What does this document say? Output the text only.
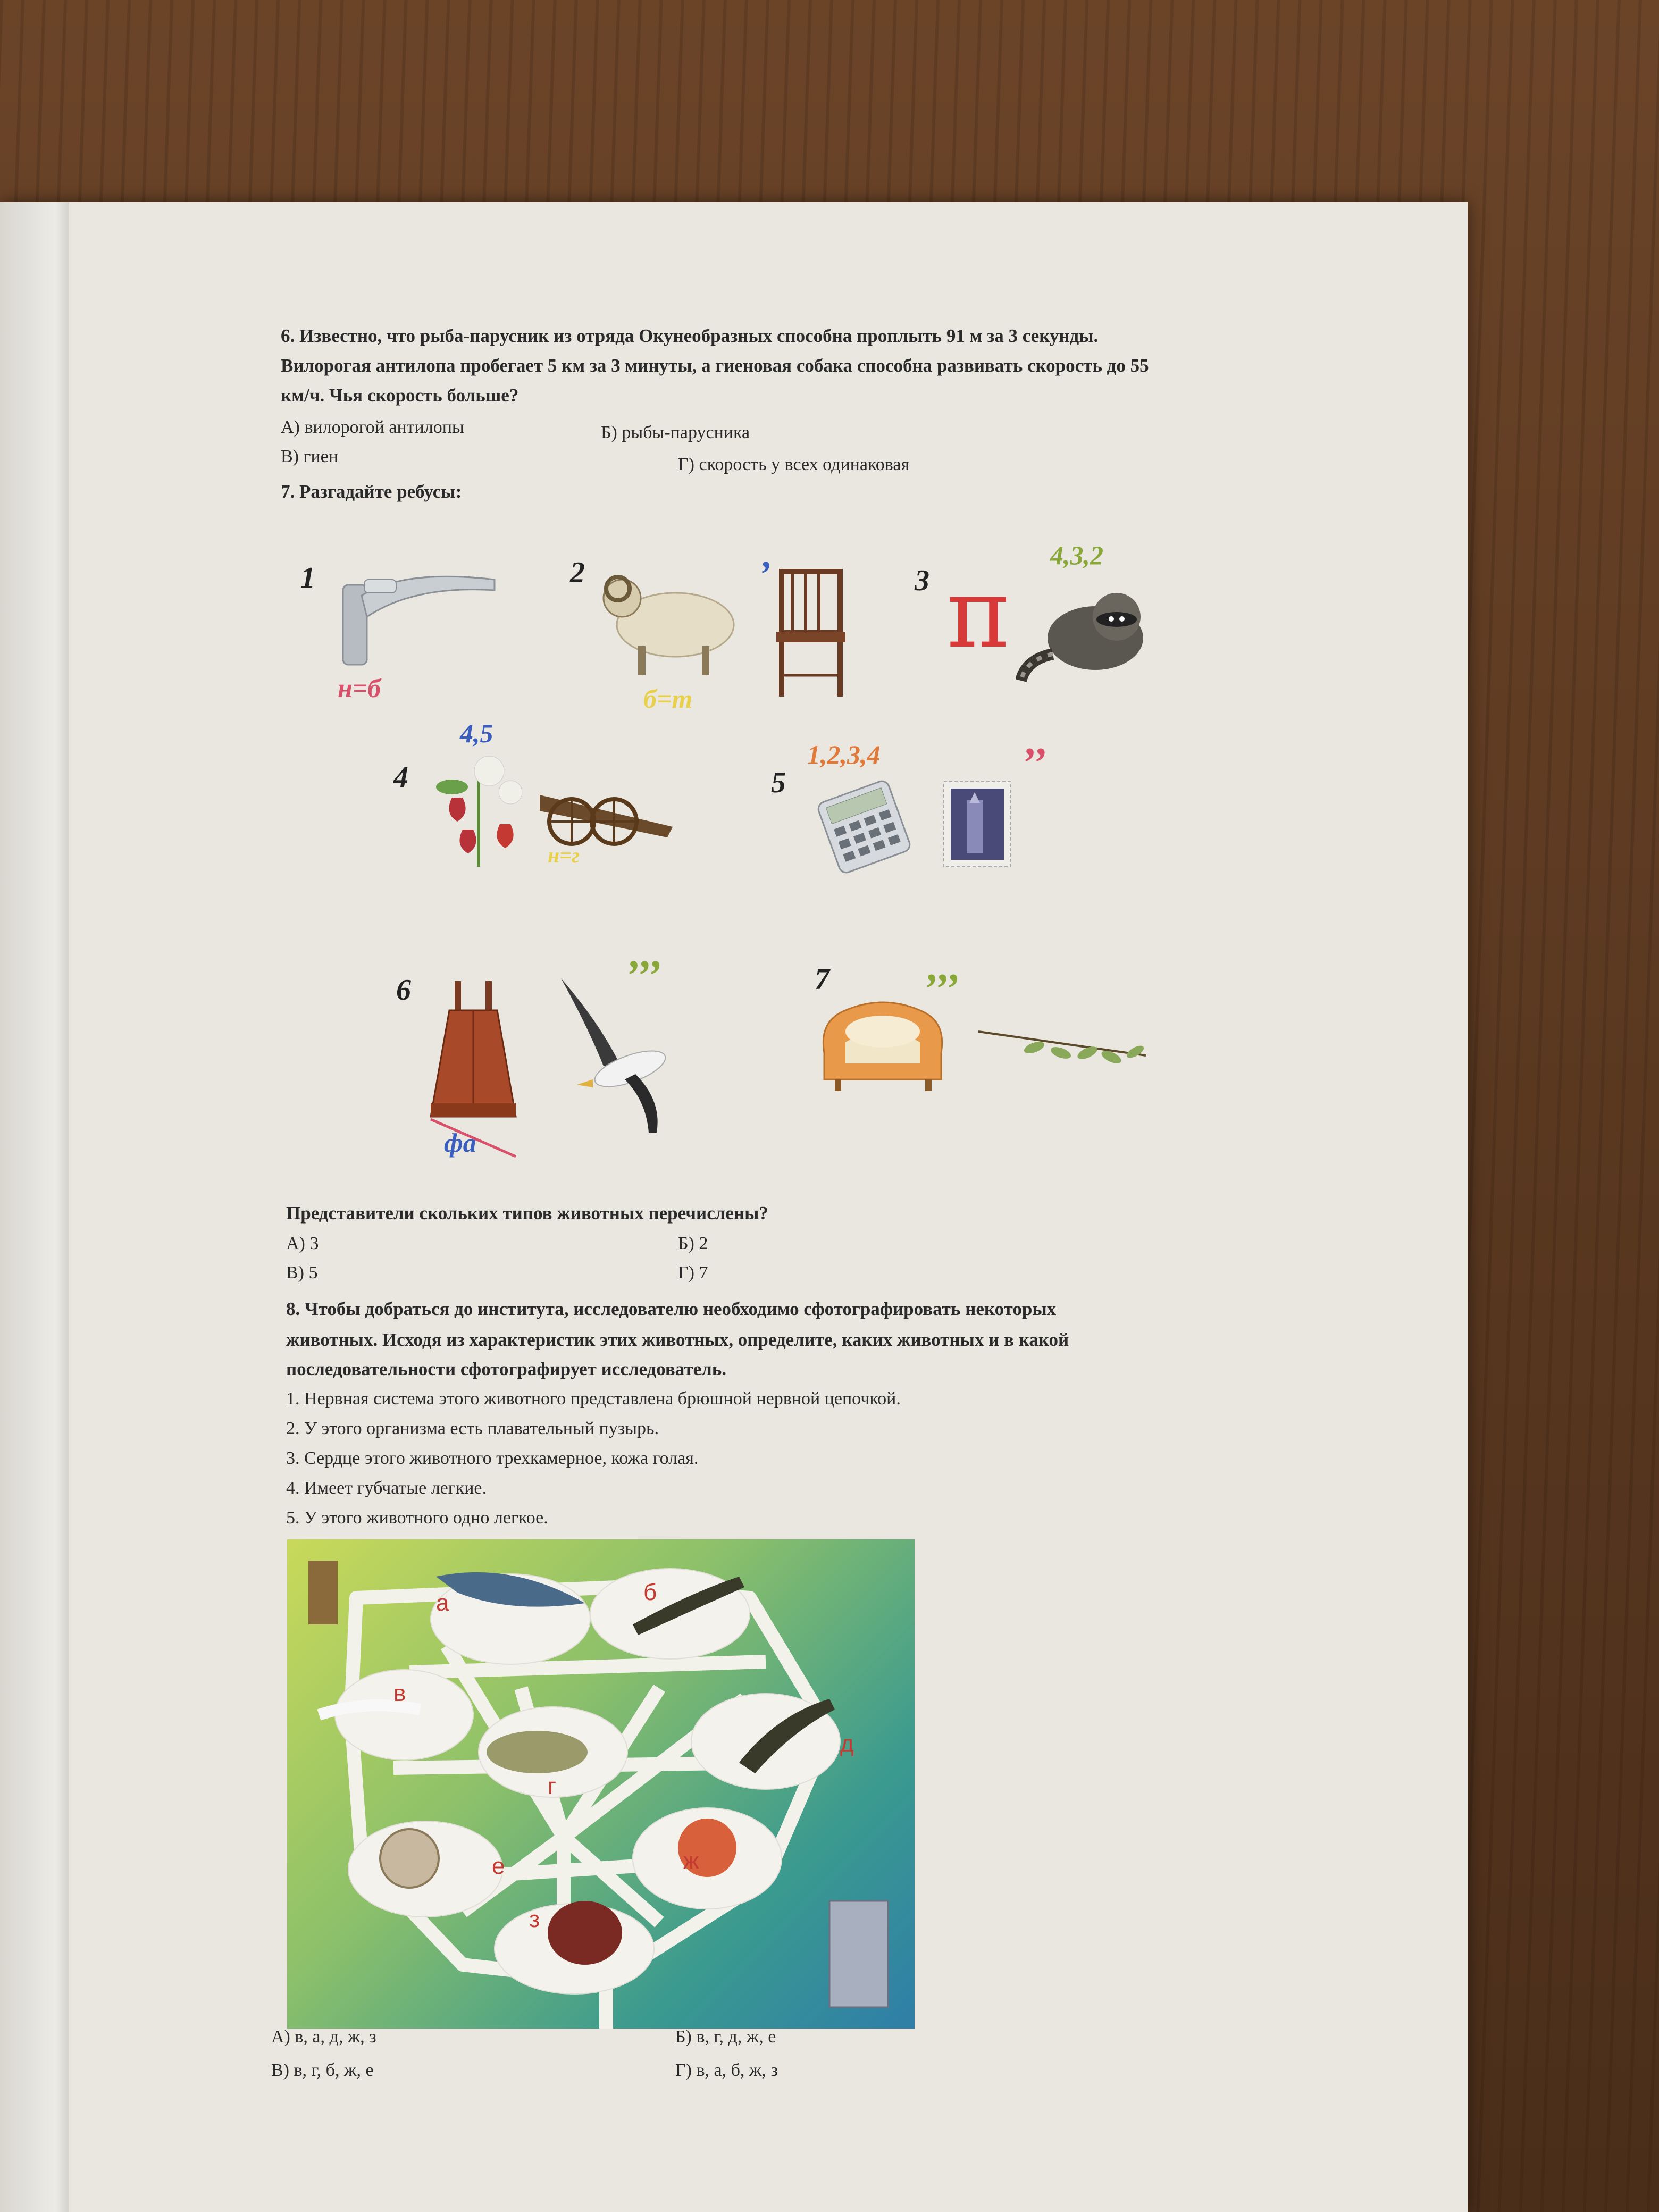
6. Известно, что рыба-парусник из отряда Окунеобразных способна проплыть 91 м за 3 секунды.
Вилорогая антилопа пробегает 5 км за 3 минуты, а гиеновая собака способна развивать скорость до 55
км/ч. Чья скорость больше?
А) вилорогой антилопы	Б) рыбы-парусника
В) гиен	Г) скорость у всех одинаковая
7. Разгадайте ребусы:
1
н=б
2
б=т
,
3 π
4,3,2
4
4,5
н=г
5
1,2,3,4	’’
6
фа
’’’	7 ’’’
Представители скольких типов животных перечислены?
А) 3	Б) 2
В) 5	Г) 7
8. Чтобы добраться до института, исследователю необходимо сфотографировать некоторых
животных. Исходя из характеристик этих животных, определите, каких животных и в какой
последовательности сфотографирует исследователь.
1. Нервная система этого животного представлена брюшной нервной цепочкой.
2. У этого организма есть плавательный пузырь.
3. Сердце этого животного трехкамерное, кожа голая.
4. Имеет губчатые легкие.
5. У этого животного одно легкое.
а	б
в
г
д
е	ж
з
А) в, а, д, ж, з	Б) в, г, д, ж, е
В) в, г, б, ж, е	Г) в, а, б, ж, з
